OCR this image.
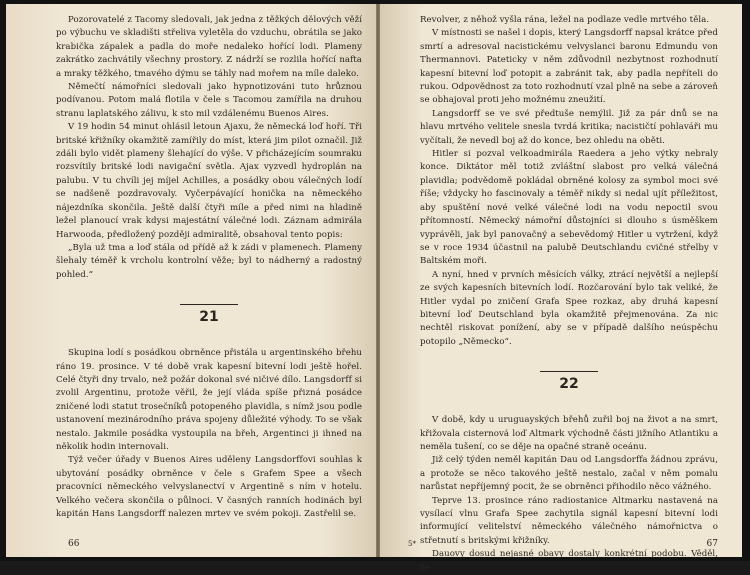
Pozorovatelé z Tacomy sledovali, jak jedna z těžkých dělových věží po výbuchu ve skladišti střeliva vyletěla do vzduchu, obrátila se jako krabička zápalek a padla do moře nedaleko hořící lodi. Plameny zakrátko zachvátily všechny prostory. Z nádrží se rozlila hořící nafta a mraky těžkého, tmavého dýmu se táhly nad mořem na míle daleko.

Němečtí námořníci sledovali jako hypnotizováni tuto hrůznou podívanou. Potom malá flotila v čele s Tacomou zamířila na druhou stranu laplatského zálivu, k sto mil vzdálenému Buenos Aires.

V 19 hodin 54 minut ohlásil letoun Ajaxu, že německá loď hoří. Tři britské křižníky okamžitě zamířily do míst, která jim pilot označil. Již zdáli bylo vidět plameny šlehající do výše. V přicházejícím soumraku rozsvítily britské lodi navigační světla. Ajax vyzvedl hydroplán na palubu. V tu chvíli jej míjel Achilles, a posádky obou válečných lodí se nadšeně pozdravovaly. Vyčerpávající honička na německého nájezdníka skončila. Ještě další čtyři míle a před nimi na hladině ležel planoucí vrak kdysi majestátní válečné lodi. Záznam admirála Harwooda, předložený později admiralitě, obsahoval tento popis:

„Byla už tma a loď stála od přídě až k zádi v plamenech. Plameny šlehaly téměř k vrcholu kontrolní věže; byl to nádherný a radostný pohled.“

21

Skupina lodí s posádkou obrněnce přistála u argentinského břehu ráno 19. prosince. V té době vrak kapesní bitevní lodi ještě hořel. Celé čtyři dny trvalo, než požár dokonal své ničivé dílo. Langsdorff si zvolil Argentinu, protože věřil, že její vláda spíše přizná posádce zničené lodi statut trosečníků potopeného plavidla, s nímž jsou podle ustanovení mezinárodního práva spojeny důležité výhody. To se však nestalo. Jakmile posádka vystoupila na břeh, Argentinci ji ihned na několik hodin internovali.

Týž večer úřady v Buenos Aires uděleny Langsdorffovi souhlas k ubytování posádky obrněnce v čele s Grafem Spee a všech pracovníci německého velvyslanectví v Argentině s ním v hotelu. Velkého večera skončila o půlnoci. V časných ranních hodinách byl kapitán Hans Langsdorff nalezen mrtev ve svém pokoji. Zastřelil se.

66

Revolver, z něhož vyšla rána, ležel na podlaze vedle mrtvého těla.

V místnosti se našel i dopis, který Langsdorff napsal krátce před smrtí a adresoval nacistickému velvyslanci baronu Edmundu von Thermannovi. Pateticky v něm zdůvodnil nezbytnost rozhodnutí kapesní bitevní loď potopit a zabránit tak, aby padla nepříteli do rukou. Odpovědnost za toto rozhodnutí vzal plně na sebe a zároveň se obhajoval proti jeho možnému zneužití.

Langsdorff se ve své předtuše nemýlil. Již za pár dnů se na hlavu mrtvého velitele snesla tvrdá kritika; nacističtí pohlaváři mu vyčítali, že nevedl boj až do konce, bez ohledu na oběti.

Hitler si pozval velkoadmirála Raedera a jeho výtky nebraly konce. Diktátor měl totiž zvláštní slabost pro velká válečná plavidla; podvědomě pokládal obrněné kolosy za symbol moci své říše; vždycky ho fascinovaly a téměř nikdy si nedal ujít příležitost, aby spuštění nové velké válečné lodi na vodu nepoctil svou přítomností. Německý námořní důstojníci si dlouho s úsměškem vyprávěli, jak byl panovačný a sebevědomý Hitler u vytržení, když se v roce 1934 účastnil na palubě Deutschlandu cvičné střelby v Baltském moři.

A nyní, hned v prvních měsících války, ztrácí největší a nejlepší ze svých kapesních bitevních lodí. Rozčarování bylo tak veliké, že Hitler vydal po zničení Grafa Spee rozkaz, aby druhá kapesní bitevní loď Deutschland byla okamžitě přejmenována. Za nic nechtěl riskovat ponížení, aby se v případě dalšího neúspěchu potopilo „Německo“.

22

V době, kdy u uruguayských břehů zuřil boj na život a na smrt, křižovala cisternová loď Altmark východně části jižního Atlantiku a neměla tušení, co se děje na opačné straně oceánu.

Již celý týden neměl kapitán Dau od Langsdorffa žádnou zprávu, a protože se něco takového ještě nestalo, začal v něm pomalu narůstat nepříjemný pocit, že se obrněnci přihodilo něco vážného.

Teprve 13. prosince ráno radiostanice Altmarku nastavená na vysílací vlnu Grafa Spee zachytila signál kapesní bitevní lodi informující velitelství německého válečného námořnictva o střetnutí s britskými křižníky.

Dauovy dosud nejasné obavy dostaly konkrétní podobu. Věděl, že

5*	67
